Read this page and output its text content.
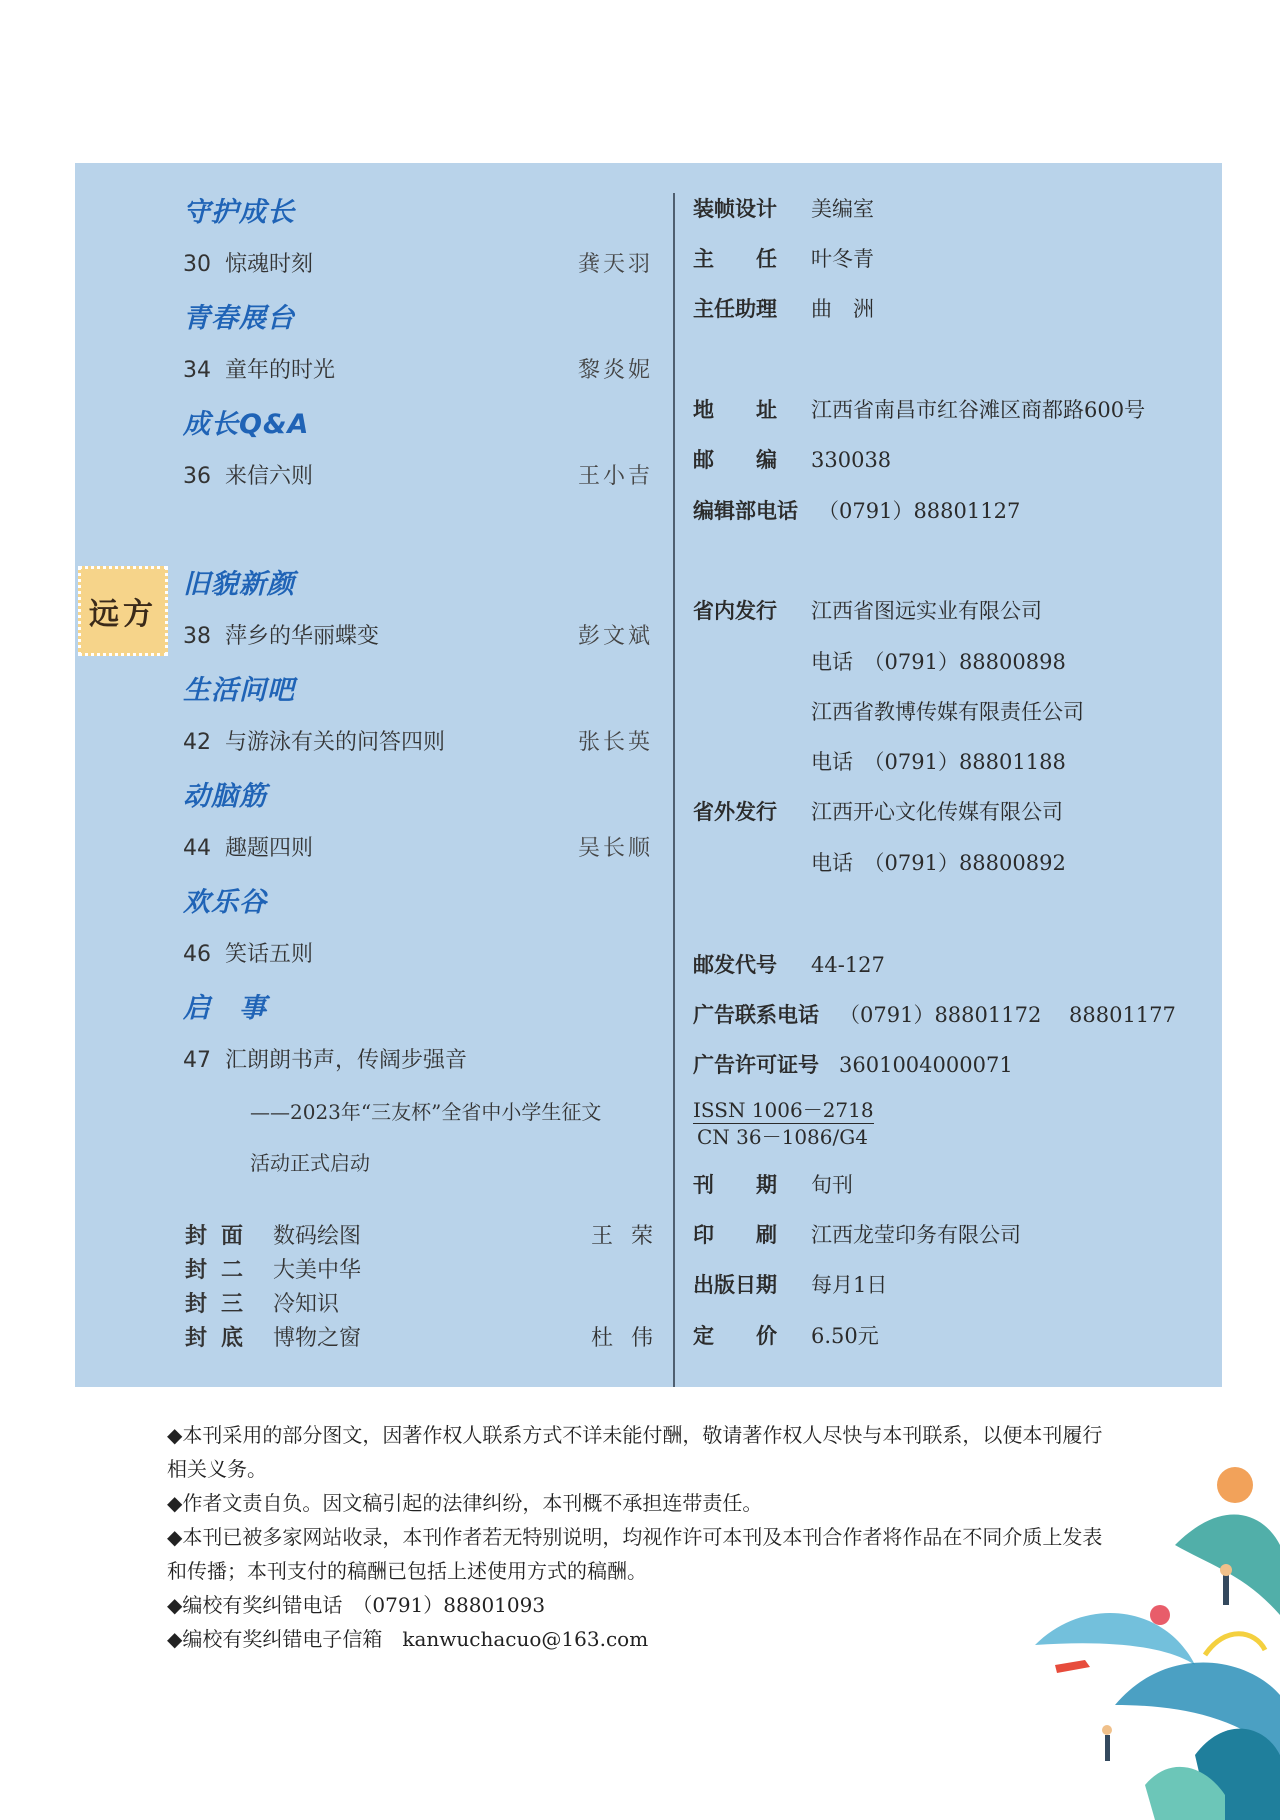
远方
守护成长
30 惊魂时刻	龚天羽
青春展台
34 童年的时光	黎炎妮
成长Q&A
36 来信六则	王小吉
旧貌新颜
38 萍乡的华丽蝶变	彭文斌
生活问吧
42 与游泳有关的问答四则	张长英
动脑筋
44 趣题四则	吴长顺
欢乐谷
46 笑话五则
启　事
47 汇朗朗书声，传阔步强音
——2023年“三友杯”全省中小学生征文
活动正式启动
封面 数码绘图	王荣
封二 大美中华
封三 冷知识
封底 博物之窗	杜伟
装帧设计 美编室
主　　任 叶冬青
主任助理 曲　洲
地　　址 江西省南昌市红谷滩区商都路600号
邮　　编 330038
编辑部电话 （0791）88801127
省内发行 江西省图远实业有限公司
电话　（0791）88800898
江西省教博传媒有限责任公司
电话　（0791）88801188
省外发行 江西开心文化传媒有限公司
电话　（0791）88800892
邮发代号 44-127
广告联系电话 （0791）88801172　 88801177
广告许可证号 3601004000071
ISSN 1006－2718

CN 36－1086/G4
刊　　期 旬刊
印　　刷 江西龙莹印务有限公司
出版日期 每月1日
定　　价 6.50元
◆本刊采用的部分图文，因著作权人联系方式不详未能付酬，敬请著作权人尽快与本刊联系，以便本刊履行相关义务。
◆作者文责自负。因文稿引起的法律纠纷，本刊概不承担连带责任。
◆本刊已被多家网站收录，本刊作者若无特别说明，均视作许可本刊及本刊合作者将作品在不同介质上发表和传播；本刊支付的稿酬已包括上述使用方式的稿酬。
◆编校有奖纠错电话　（0791）88801093
◆编校有奖纠错电子信箱　kanwuchacuo@163.com
